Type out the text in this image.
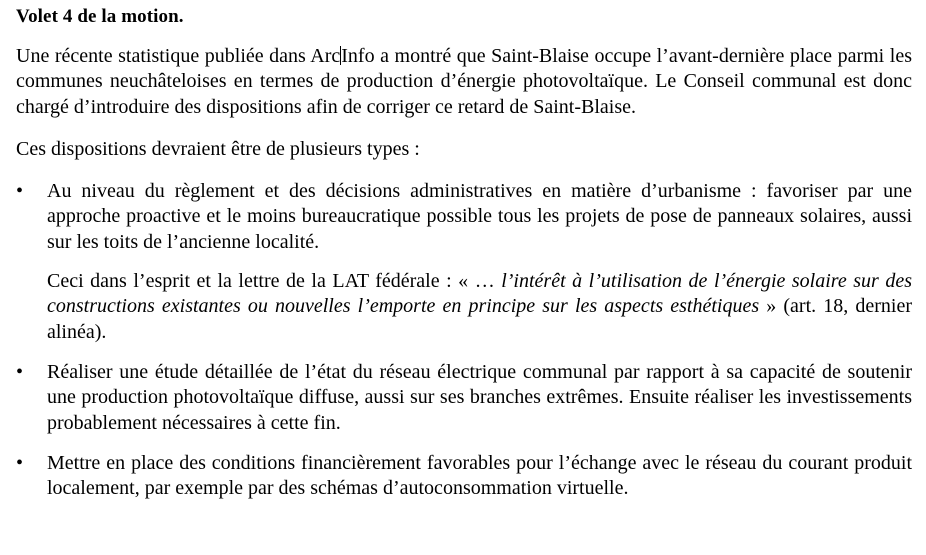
Volet 4 de la motion.

Une récente statistique publiée dans ArcInfo a montré que Saint-Blaise occupe l’avant-dernière place parmi les communes neuchâteloises en termes de production d’énergie photovoltaïque. Le Conseil communal est donc chargé d’introduire des dispositions afin de corriger ce retard de Saint-Blaise.

Ces dispositions devraient être de plusieurs types :

•	Au niveau du règlement et des décisions administratives en matière d’urbanisme : favoriser par une approche proactive et le moins bureaucratique possible tous les projets de pose de panneaux solaires, aussi sur les toits de l’ancienne localité.
Ceci dans l’esprit et la lettre de la LAT fédérale : « … l’intérêt à l’utilisation de l’énergie solaire sur des constructions existantes ou nouvelles l’emporte en principe sur les aspects esthétiques » (art. 18, dernier alinéa).
•	Réaliser une étude détaillée de l’état du réseau électrique communal par rapport à sa capacité de soutenir une production photovoltaïque diffuse, aussi sur ses branches extrêmes. Ensuite réaliser les investissements probablement nécessaires à cette fin.
•	Mettre en place des conditions financièrement favorables pour l’échange avec le réseau du courant produit localement, par exemple par des schémas d’autoconsommation virtuelle.
